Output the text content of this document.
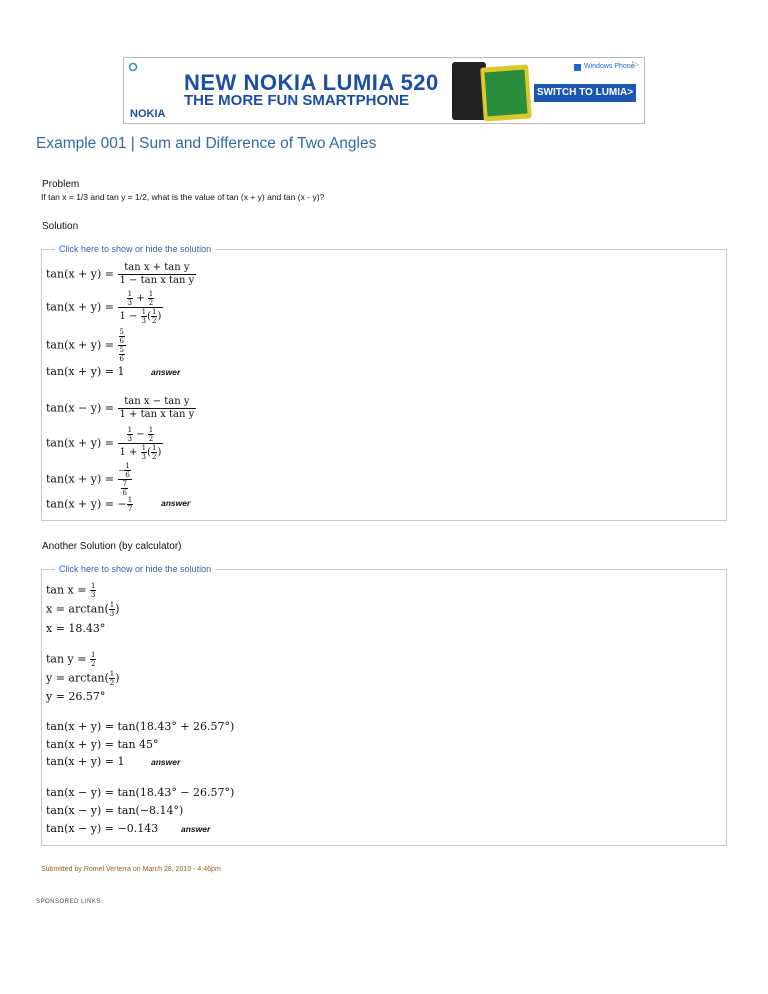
NEW NOKIA LUMIA 520
THE MORE FUN SMARTPHONE
NOKIA
Windows Phone
▷
SWITCH TO LUMIA>
Example 001 | Sum and Difference of Two Angles
Problem
If tan x = 1/3 and tan y = 1/2, what is the value of tan (x + y) and tan (x - y)?
Solution
Click here to show or hide the solution
$\tan(x + y) = \frac{\text{tan x + tan y}}{\text{1 − tan x tan y}}$
$\tan(x + y) = \frac{\frac{1}{3} + \frac{1}{2}}{1 - \frac{1}{3} ( \frac{1}{2} )}$
$\tan(x + y) = \frac{\frac{5}{6}}{\frac{5}{6}}$
tan(x + y) = 1	answer
$\tan(x - y) = \frac{\text{tan x − tan y}}{\text{1 + tan x tan y}}$
$\tan(x + y) = \frac{\frac{1}{3} - \frac{1}{2}}{1 + \frac{1}{3} ( \frac{1}{2} )}$
$\tan(x + y) = \frac{- \frac{1}{6}}{\frac{7}{6}}$
tan(x + y) = − $\frac{1}{7}$	answer
Another Solution (by calculator)
Click here to show or hide the solution
$\tan x = \frac{1}{3}$
$x = \arctan( \frac{1}{3}$ )
x = 18.43°
$\tan y = \frac{1}{2}$
$y = \arctan( \frac{1}{2}$ )
y = 26.57°
tan(x + y) = tan(18.43° + 26.57°)
tan(x + y) = tan 45°
tan(x + y) = 1	answer
tan(x − y) = tan(18.43° − 26.57°)
tan(x − y) = tan(−8.14°)
tan(x − y) = −0.143	answer
Submitted by Romel Verterra on March 28, 2010 - 4:46pm
SPONSORED LINKS
